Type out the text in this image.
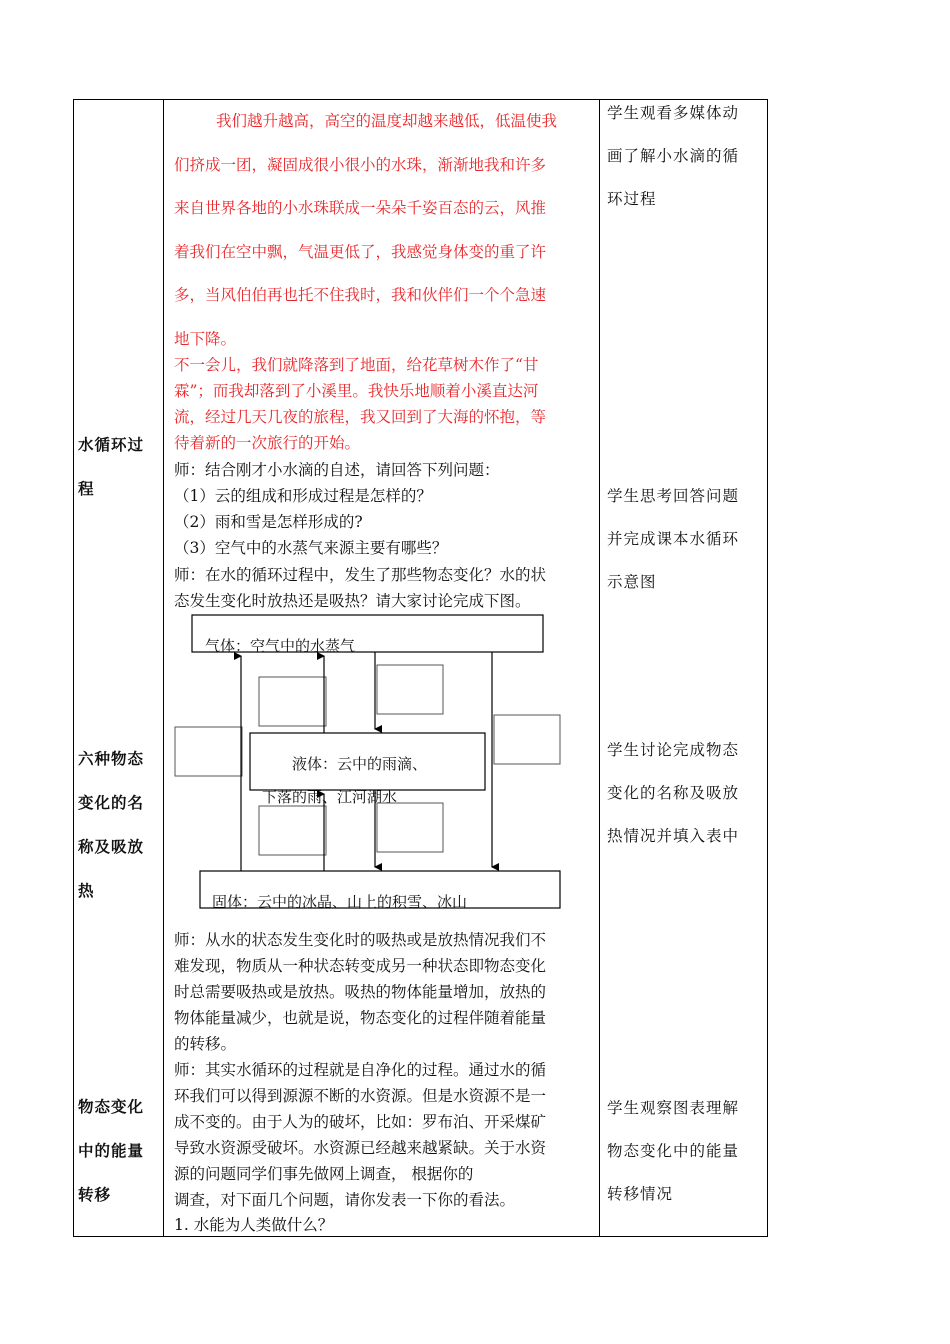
水循环过
程
六种物态
变化的名
称及吸放
热
物态变化
中的能量
转移
学生观看多媒体动
画了解小水滴的循
环过程
学生思考回答问题
并完成课本水循环
示意图
学生讨论完成物态
变化的名称及吸放
热情况并填入表中
学生观察图表理解
物态变化中的能量
转移情况
我们越升越高，高空的温度却越来越低，低温使我
们挤成一团，凝固成很小很小的水珠，渐渐地我和许多
来自世界各地的小水珠联成一朵朵千姿百态的云，风推
着我们在空中飘，气温更低了，我感觉身体变的重了许
多，当风伯伯再也托不住我时，我和伙伴们一个个急速
地下降。
不一会儿，我们就降落到了地面，给花草树木作了“甘
霖”；而我却落到了小溪里。我快乐地顺着小溪直达河
流，经过几天几夜的旅程，我又回到了大海的怀抱，等
待着新的一次旅行的开始。
师：结合刚才小水滴的自述，请回答下列问题：
（1）云的组成和形成过程是怎样的？
（2）雨和雪是怎样形成的?
（3）空气中的水蒸气来源主要有哪些？
师：在水的循环过程中，发生了那些物态变化？水的状
态发生变化时放热还是吸热？请大家讨论完成下图。
气体：空气中的水蒸气
液体：云中的雨滴、
下落的雨、江河湖水
固体：云中的冰晶、山上的积雪、冰山
师：从水的状态发生变化时的吸热或是放热情况我们不
难发现，物质从一种状态转变成另一种状态即物态变化
时总需要吸热或是放热。吸热的物体能量增加，放热的
物体能量减少，也就是说，物态变化的过程伴随着能量
的转移。
师：其实水循环的过程就是自净化的过程。通过水的循
环我们可以得到源源不断的水资源。但是水资源不是一
成不变的。由于人为的破坏，比如：罗布泊、开采煤矿
导致水资源受破坏。水资源已经越来越紧缺。关于水资
源的问题同学们事先做网上调查， 根据你的
调查，对下面几个问题，请你发表一下你的看法。
1. 水能为人类做什么？
